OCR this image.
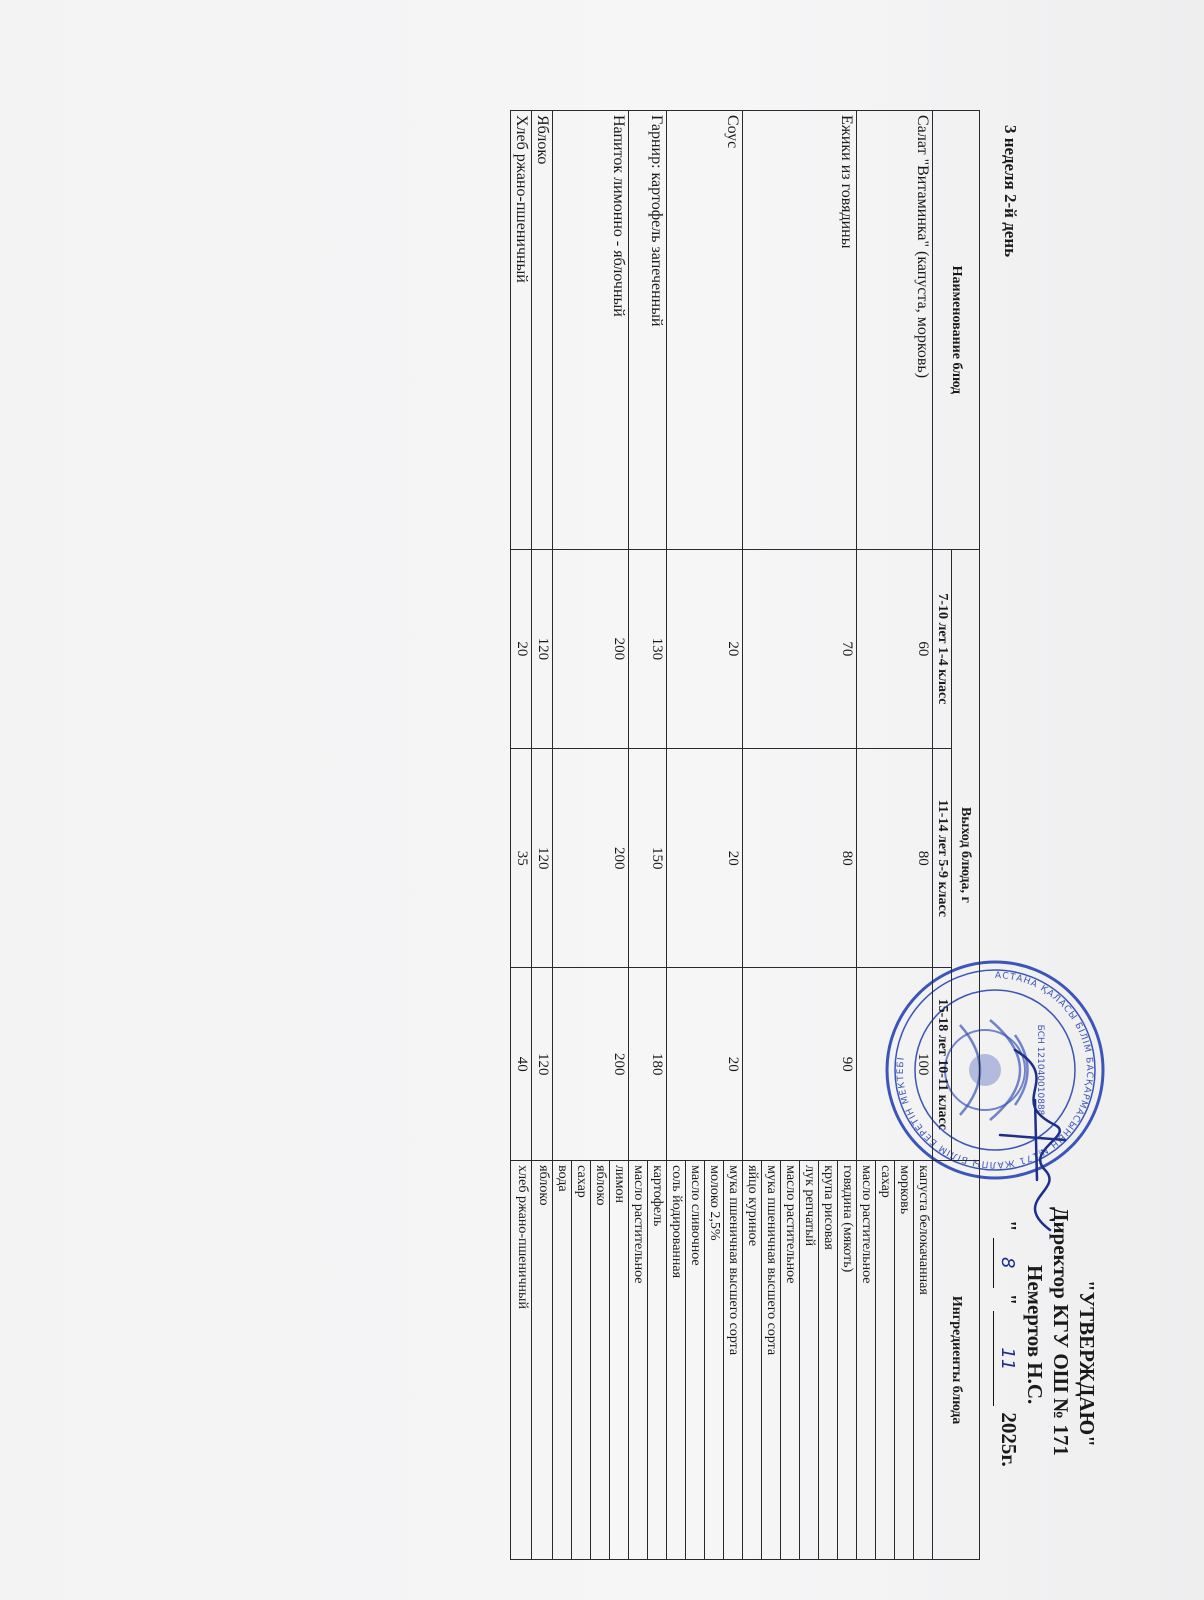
3 неделя 2-й день
АСТАНА ҚАЛАСЫ БІЛІМ БАСҚАРМАСЫНЫҢ №171 ЖАЛПЫ БІЛІМ БЕРЕТІН МЕКТЕБІ	БСН 121040010888
"УТВЕРЖДАЮ"
Директор КГУ ОШ № 171
Немертов Н.С.
"8"112025г.
Наименование блюд	Выход блюда, г			Ингредиенты блюда
	7-10 лет 1-4 класс	11-14 лет 5-9 класс	15-18 лет 10-11 класс	
Салат "Витаминка" (капуста, морковь)	60	80	100	капуста белокачанная
				морковь
				сахар
				масло растительное
Ежики из говядины	70	80	90	говядина (мякоть)
				крупа рисовая
				лук репчатый
				масло растительное
				мука пшеничная высшего сорта
				яйцо куриное
Соус	20	20	20	мука пшеничная высшего сорта
				молоко 2,5%
				масло сливочное
				соль йодированная
Гарнир: картофель запеченный	130	150	180	картофель
				масло растительное
Напиток лимонно - яблочный	200	200	200	лимон
				яблоко
				сахар
				вода
Яблоко	120	120	120	яблоко
Хлеб ржано-пшеничный	20	35	40	хлеб ржано-пшеничный
